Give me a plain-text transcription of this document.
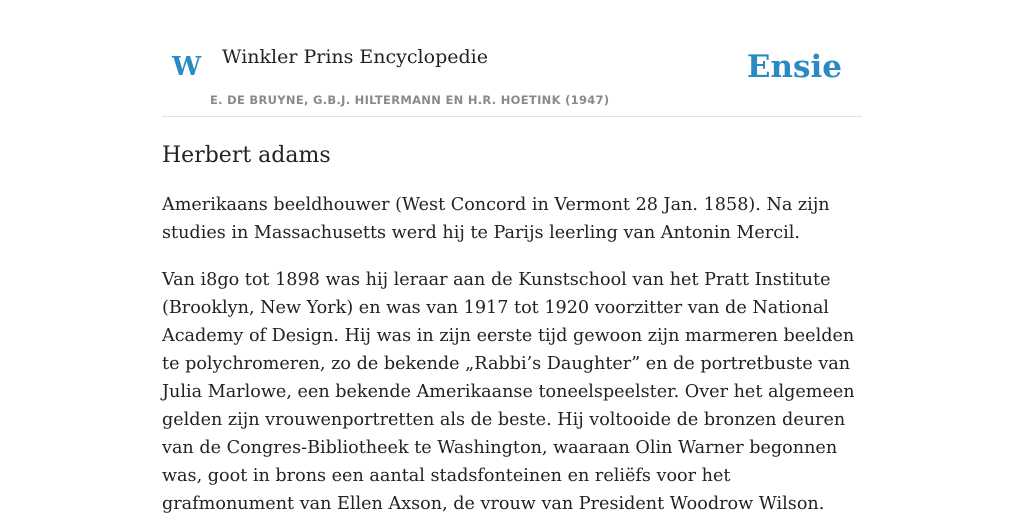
W Winkler Prins Encyclopedie
E. DE BRUYNE, G.B.J. HILTERMANN EN H.R. HOETINK (1947)
Ensie
Herbert adams

Amerikaans beeldhouwer (West Concord in Vermont 28 Jan. 1858). Na zijn studies in Massachusetts werd hij te Parijs leerling van Antonin Mercil.

Van i8go tot 1898 was hij leraar aan de Kunstschool van het Pratt Institute (Brooklyn, New York) en was van 1917 tot 1920 voorzitter van de National Academy of Design. Hij was in zijn eerste tijd gewoon zijn marmeren beelden te polychromeren, zo de bekende „Rabbi’s Daughter” en de portretbuste van Julia Marlowe, een bekende Amerikaanse toneelspeelster. Over het algemeen gelden zijn vrouwenportretten als de beste. Hij voltooide de bronzen deuren van de Congres-Bibliotheek te Washington, waaraan Olin Warner begonnen was, goot in brons een aantal stadsfonteinen en reliëfs voor het grafmonument van Ellen Axson, de vrouw van President Woodrow Wilson.
